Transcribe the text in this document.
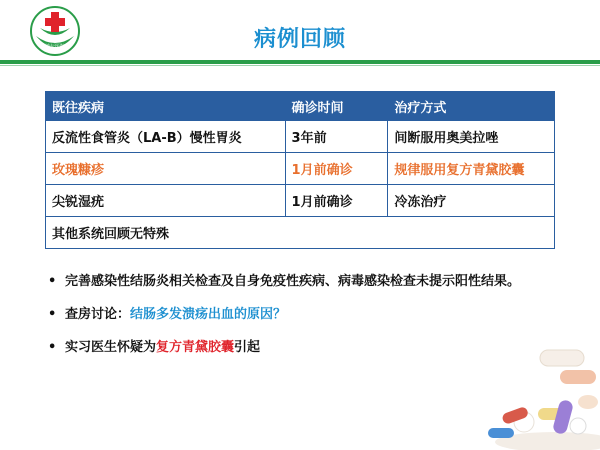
北京
地坛医院	病例回顾
既往疾病	确诊时间	治疗方式
反流性食管炎（LA-B）慢性胃炎	3年前	间断服用奥美拉唑
玫瑰糠疹	1月前确诊	规律服用复方青黛胶囊
尖锐湿疣	1月前确诊	冷冻治疗
其他系统回顾无特殊		
• 完善感染性结肠炎相关检查及自身免疫性疾病、病毒感染检查未提示阳性结果。
• 查房讨论：结肠多发溃疡出血的原因？
• 实习医生怀疑为复方青黛胶囊引起
